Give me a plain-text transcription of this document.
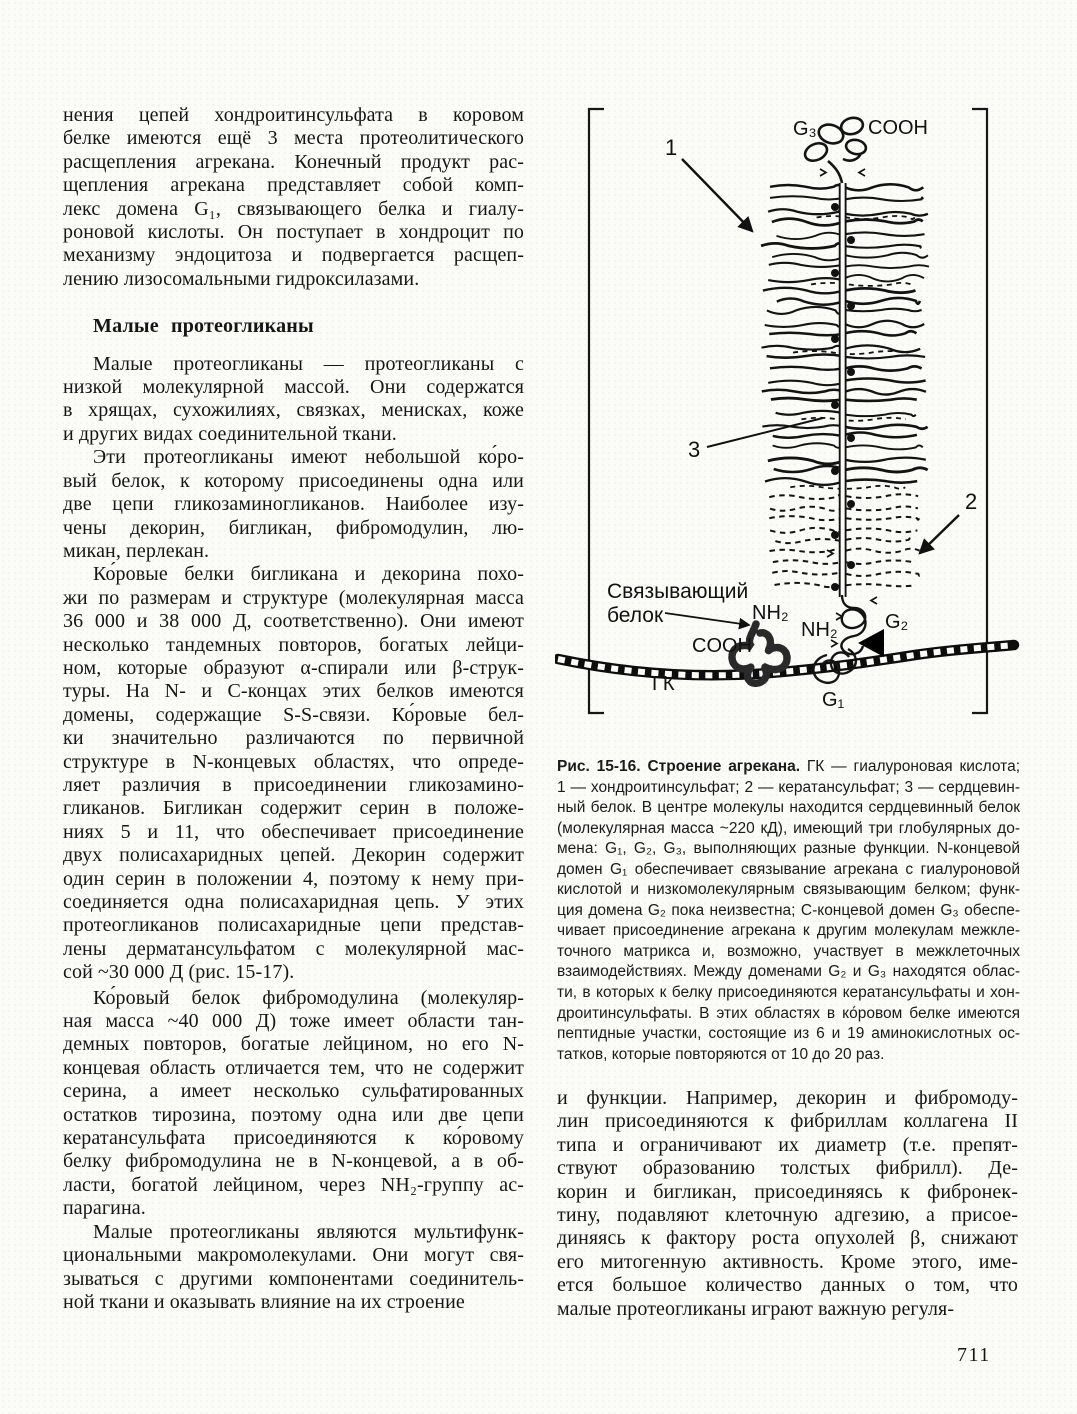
нения цепей хондроитинсульфата в коровом
белке имеются ещё 3 места протеолитического
расщепления агрекана. Конечный продукт рас-
щепления агрекана представляет собой комп-
лекс домена G₁, связывающего белка и гиалу-
роновой кислоты. Он поступает в хондроцит по
механизму эндоцитоза и подвергается расщеп-
лению лизосомальными гидроксилазами.
Малые протеогликаны
Малые протеогликаны — протеогликаны с
низкой молекулярной массой. Они содержатся
в хрящах, сухожилиях, связках, менисках, коже
и других видах соединительной ткани.
Эти протеогликаны имеют небольшой ко́ро-
вый белок, к которому присоединены одна или
две цепи гликозаминогликанов. Наиболее изу-
чены декорин, бигликан, фибромодулин, лю-
микан, перлекан.
Ко́ровые белки бигликана и декорина похо-
жи по размерам и структуре (молекулярная масса
36 000 и 38 000 Д, соответственно). Они имеют
несколько тандемных повторов, богатых лейци-
ном, которые образуют α-спирали или β-струк-
туры. На N- и С-концах этих белков имеются
домены, содержащие S-S-связи. Ко́ровые бел-
ки значительно различаются по первичной
структуре в N-концевых областях, что опреде-
ляет различия в присоединении гликозамино-
гликанов. Бигликан содержит серин в положе-
ниях 5 и 11, что обеспечивает присоединение
двух полисахаридных цепей. Декорин содержит
один серин в положении 4, поэтому к нему при-
соединяется одна полисахаридная цепь. У этих
протеогликанов полисахаридные цепи представ-
лены дерматансульфатом с молекулярной мас-
сой ~30 000 Д (рис. 15-17).
Ко́ровый белок фибромодулина (молекуляр-
ная масса ~40 000 Д) тоже имеет области тан-
демных повторов, богатые лейцином, но его N-
концевая область отличается тем, что не содержит
серина, а имеет несколько сульфатированных
остатков тирозина, поэтому одна или две цепи
кератансульфата присоединяются к ко́ровому
белку фибромодулина не в N-концевой, а в об-
ласти, богатой лейцином, через NH₂-группу ас-
парагина.
Малые протеогликаны являются мультифунк-
циональными макромолекулами. Они могут свя-
зываться с другими компонентами соединитель-
ной ткани и оказывать влияние на их строение
1
3
2
G₃	COOH
Связывающий
белок	NH₂
NH₂ G₂
COOH
ГК
G₁
Рис. 15-16. Строение агрекана. ГК — гиалуроновая кислота;
1 — хондроитинсульфат; 2 — кератансульфат; 3 — сердцевин-
ный белок. В центре молекулы находится сердцевинный белок
(молекулярная масса ~220 кД), имеющий три глобулярных до-
мена: G₁, G₂, G₃, выполняющих разные функции. N-концевой
домен G₁ обеспечивает связывание агрекана с гиалуроновой
кислотой и низкомолекулярным связывающим белком; функ-
ция домена G₂ пока неизвестна; С-концевой домен G₃ обеспе-
чивает присоединение агрекана к другим молекулам межкле-
точного матрикса и, возможно, участвует в межклеточных
взаимодействиях. Между доменами G₂ и G₃ находятся облас-
ти, в которых к белку присоединяются кератансульфаты и хон-
дроитинсульфаты. В этих областях в ко́ровом белке имеются
пептидные участки, состоящие из 6 и 19 аминокислотных ос-
татков, которые повторяются от 10 до 20 раз.
и функции. Например, декорин и фибромоду-
лин присоединяются к фибриллам коллагена II
типа и ограничивают их диаметр (т.е. препят-
ствуют образованию толстых фибрилл). Де-
корин и бигликан, присоединяясь к фибронек-
тину, подавляют клеточную адгезию, а присое-
диняясь к фактору роста опухолей β, снижают
его митогенную активность. Кроме этого, име-
ется большое количество данных о том, что
малые протеогликаны играют важную регуля-
711
